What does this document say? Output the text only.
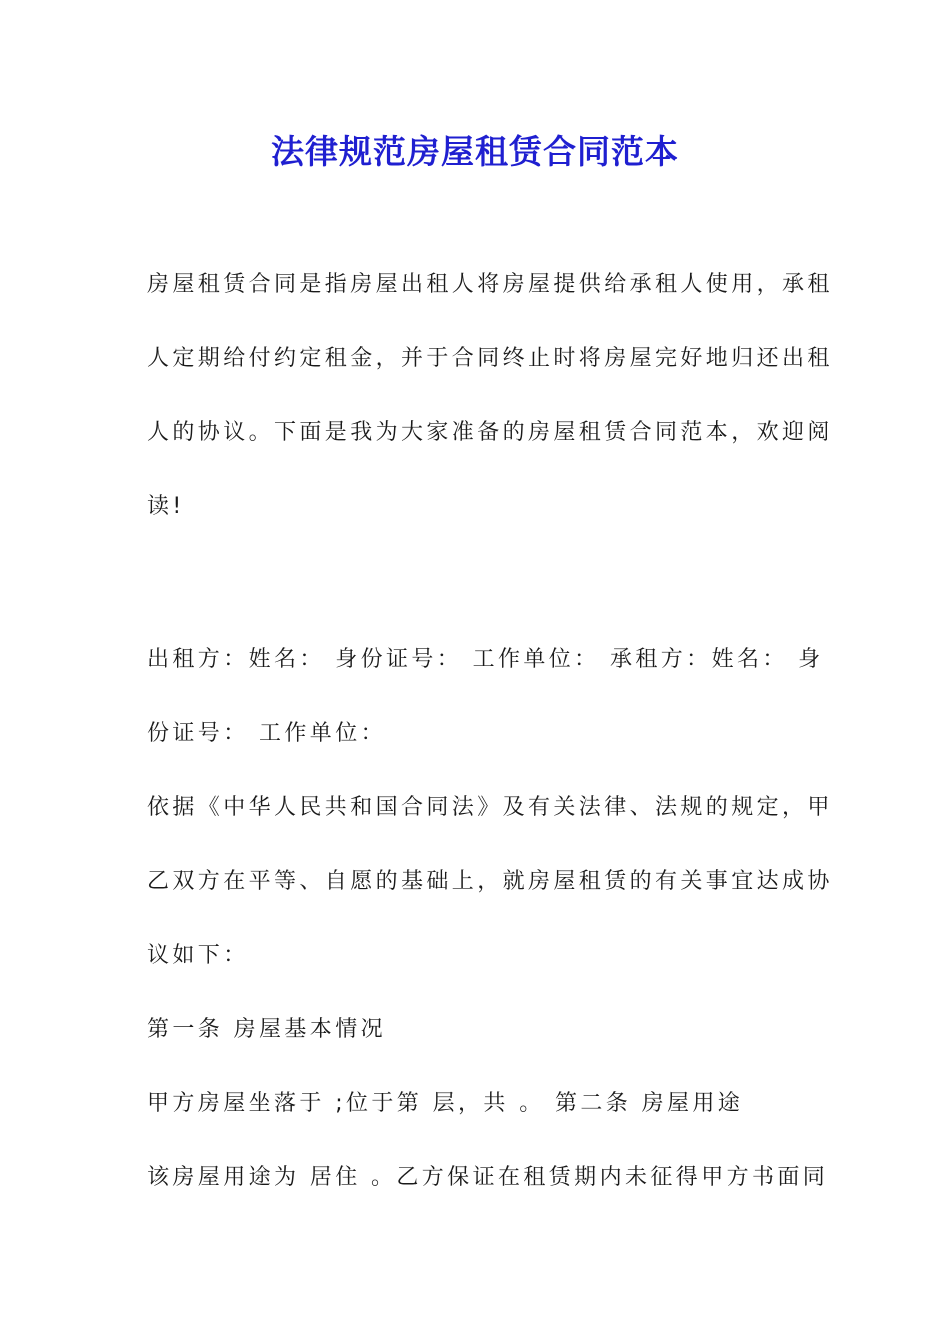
法律规范房屋租赁合同范本
房屋租赁合同是指房屋出租人将房屋提供给承租人使用，承租
人定期给付约定租金，并于合同终止时将房屋完好地归还出租
人的协议。下面是我为大家准备的房屋租赁合同范本，欢迎阅
读!
出租方：姓名： 身份证号： 工作单位： 承租方：姓名： 身
份证号： 工作单位：
依据《中华人民共和国合同法》及有关法律、法规的规定，甲
乙双方在平等、自愿的基础上，就房屋租赁的有关事宜达成协
议如下：
第一条 房屋基本情况
甲方房屋坐落于 ;位于第 层，共 。 第二条 房屋用途
该房屋用途为 居住 。乙方保证在租赁期内未征得甲方书面同
